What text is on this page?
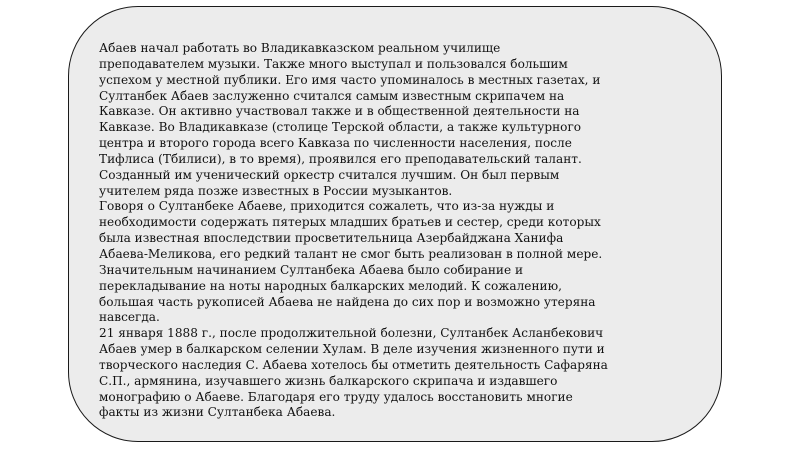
Абаев начал работать во Владикавказском реальном училище
преподавателем музыки. Также много выступал и пользовался большим
успехом у местной публики. Его имя часто упоминалось в местных газетах, и
Султанбек Абаев заслуженно считался самым известным скрипачем на
Кавказе. Он активно участвовал также и в общественной деятельности на
Кавказе. Во Владикавказе (столице Терской области, а также культурного
центра и второго города всего Кавказа по численности населения, после
Тифлиса (Тбилиси), в то время), проявился его преподавательский талант.
Созданный им ученический оркестр считался лучшим. Он был первым
учителем ряда позже известных в России музыкантов.

Говоря о Султанбеке Абаеве, приходится сожалеть, что из-за нужды и
необходимости содержать пятерых младших братьев и сестер, среди которых
была известная впоследствии просветительница Азербайджана Ханифа
Абаева-Меликова, его редкий талант не смог быть реализован в полной мере.
Значительным начинанием Султанбека Абаева было собирание и
перекладывание на ноты народных балкарских мелодий. К сожалению,
большая часть рукописей Абаева не найдена до сих пор и возможно утеряна
навсегда.

21 января 1888 г., после продолжительной болезни, Султанбек Асланбекович
Абаев умер в балкарском селении Хулам. В деле изучения жизненного пути и
творческого наследия С. Абаева хотелось бы отметить деятельность Сафаряна
С.П., армянина, изучавшего жизнь балкарского скрипача и издавшего
монографию о Абаеве. Благодаря его труду удалось восстановить многие
факты из жизни Султанбека Абаева.
